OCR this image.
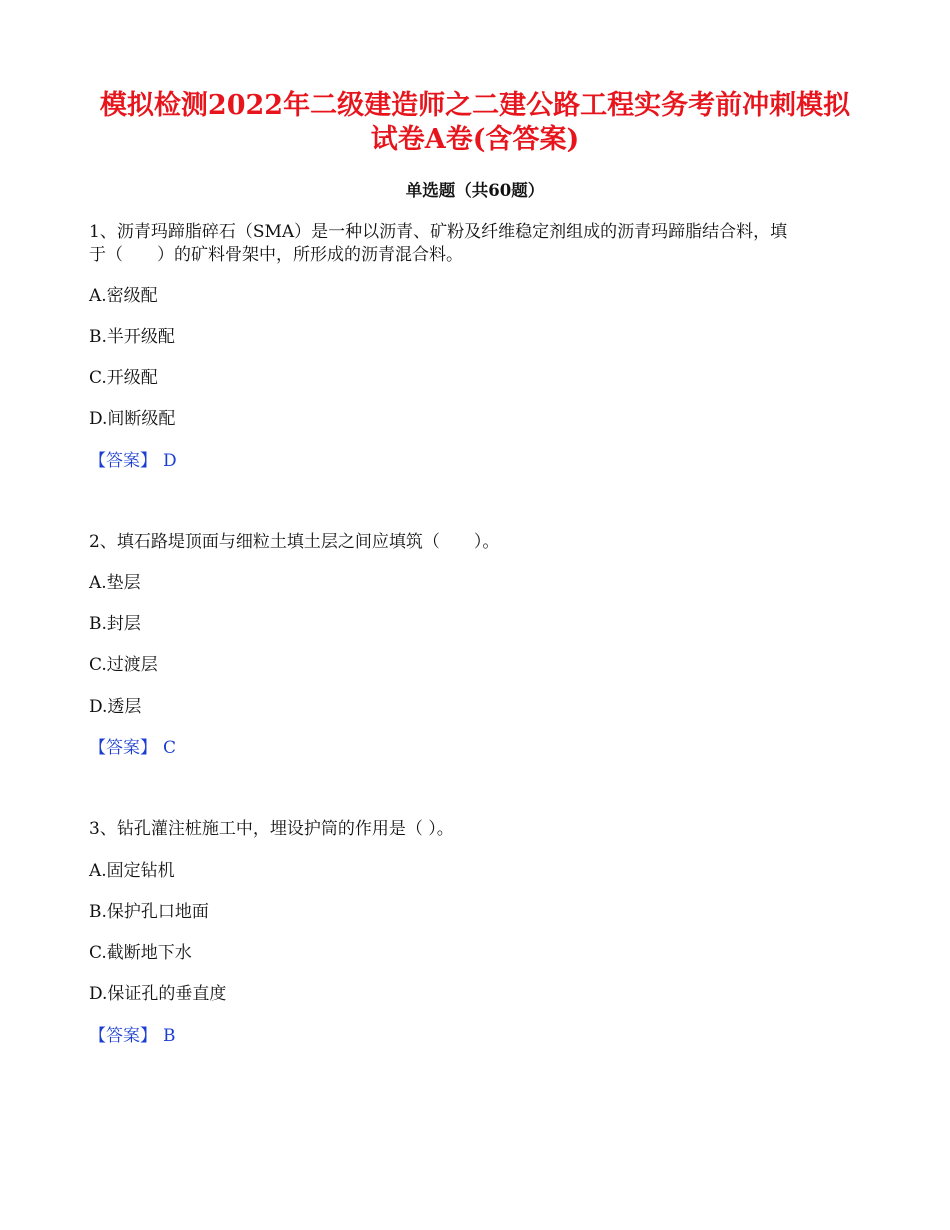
模拟检测2022年二级建造师之二建公路工程实务考前冲刺模拟
试卷A卷(含答案)

单选题（共60题）

1、沥青玛蹄脂碎石（SMA）是一种以沥青、矿粉及纤维稳定剂组成的沥青玛蹄脂结合料，填

于（　　）的矿料骨架中，所形成的沥青混合料。

A.密级配

B.半开级配

C.开级配

D.间断级配

【答案】 D

2、填石路堤顶面与细粒土填土层之间应填筑（　　）。

A.垫层

B.封层

C.过渡层

D.透层

【答案】 C

3、钻孔灌注桩施工中，埋设护筒的作用是（ ）。

A.固定钻机

B.保护孔口地面

C.截断地下水

D.保证孔的垂直度

【答案】 B
